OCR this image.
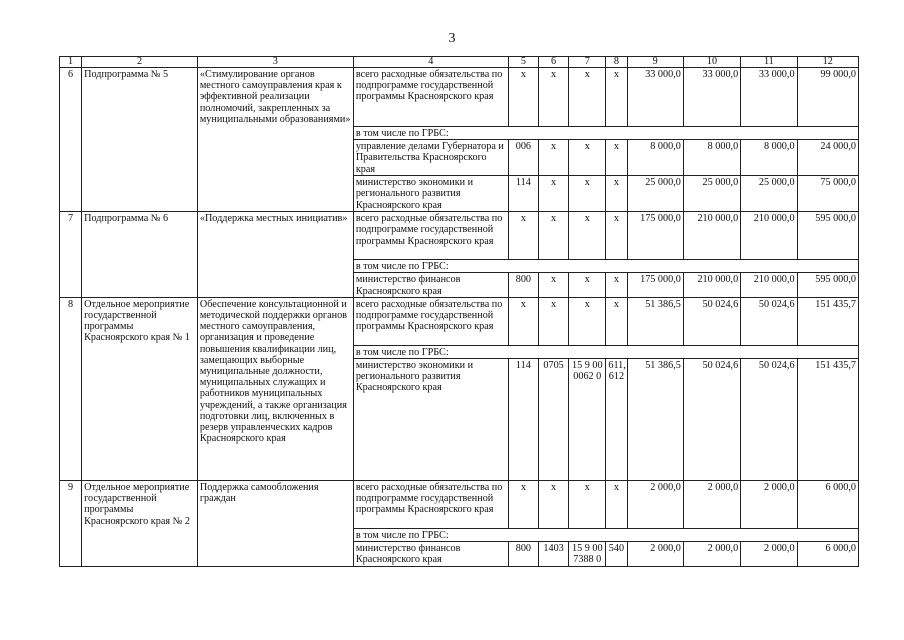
3
1	2	3	4	5	6	7	8	9	10	11	12
6	Подпрограмма № 5	«Стимулирование органов местного самоуправления края к эффективной реализации полномочий, закрепленных за муниципальными образованиями»	всего расходные обязательства по подпрограмме государственной программы Красноярского края	x	x	x	x	33 000,0	33 000,0	33 000,0	99 000,0
			в том числе по ГРБС:								
			управление делами Губернатора и Правительства Красноярского края	006	x	x	x	8 000,0	8 000,0	8 000,0	24 000,0
			министерство экономики и регионального развития Красноярского края	114	x	x	x	25 000,0	25 000,0	25 000,0	75 000,0
7	Подпрограмма № 6	«Поддержка местных инициатив»	всего расходные обязательства по подпрограмме государственной программы Красноярского края	x	x	x	x	175 000,0	210 000,0	210 000,0	595 000,0
			в том числе по ГРБС:								
			министерство финансов Красноярского края	800	x	x	x	175 000,0	210 000,0	210 000,0	595 000,0
8	Отдельное мероприятие государственной программы Красноярского края № 1	Обеспечение консультационной и методической поддержки органов местного самоуправления, организация и проведение повышения квалификации лиц, замещающих выборные муниципальные должности, муниципальных служащих и работников муниципальных учреждений, а также организация подготовки лиц, включенных в резерв управленческих кадров Красноярского края	всего расходные обязательства по подпрограмме государственной программы Красноярского края	x	x	x	x	51 386,5	50 024,6	50 024,6	151 435,7
			в том числе по ГРБС:								
			министерство экономики и регионального развития Красноярского края	114	0705	15 9 00 0062 0	611, 612	51 386,5	50 024,6	50 024,6	151 435,7
9	Отдельное мероприятие государственной программы Красноярского края № 2	Поддержка самообложения граждан	всего расходные обязательства по подпрограмме государственной программы Красноярского края	x	x	x	x	2 000,0	2 000,0	2 000,0	6 000,0
			в том числе по ГРБС:								
			министерство финансов Красноярского края	800	1403	15 9 00 7388 0	540	2 000,0	2 000,0	2 000,0	6 000,0
